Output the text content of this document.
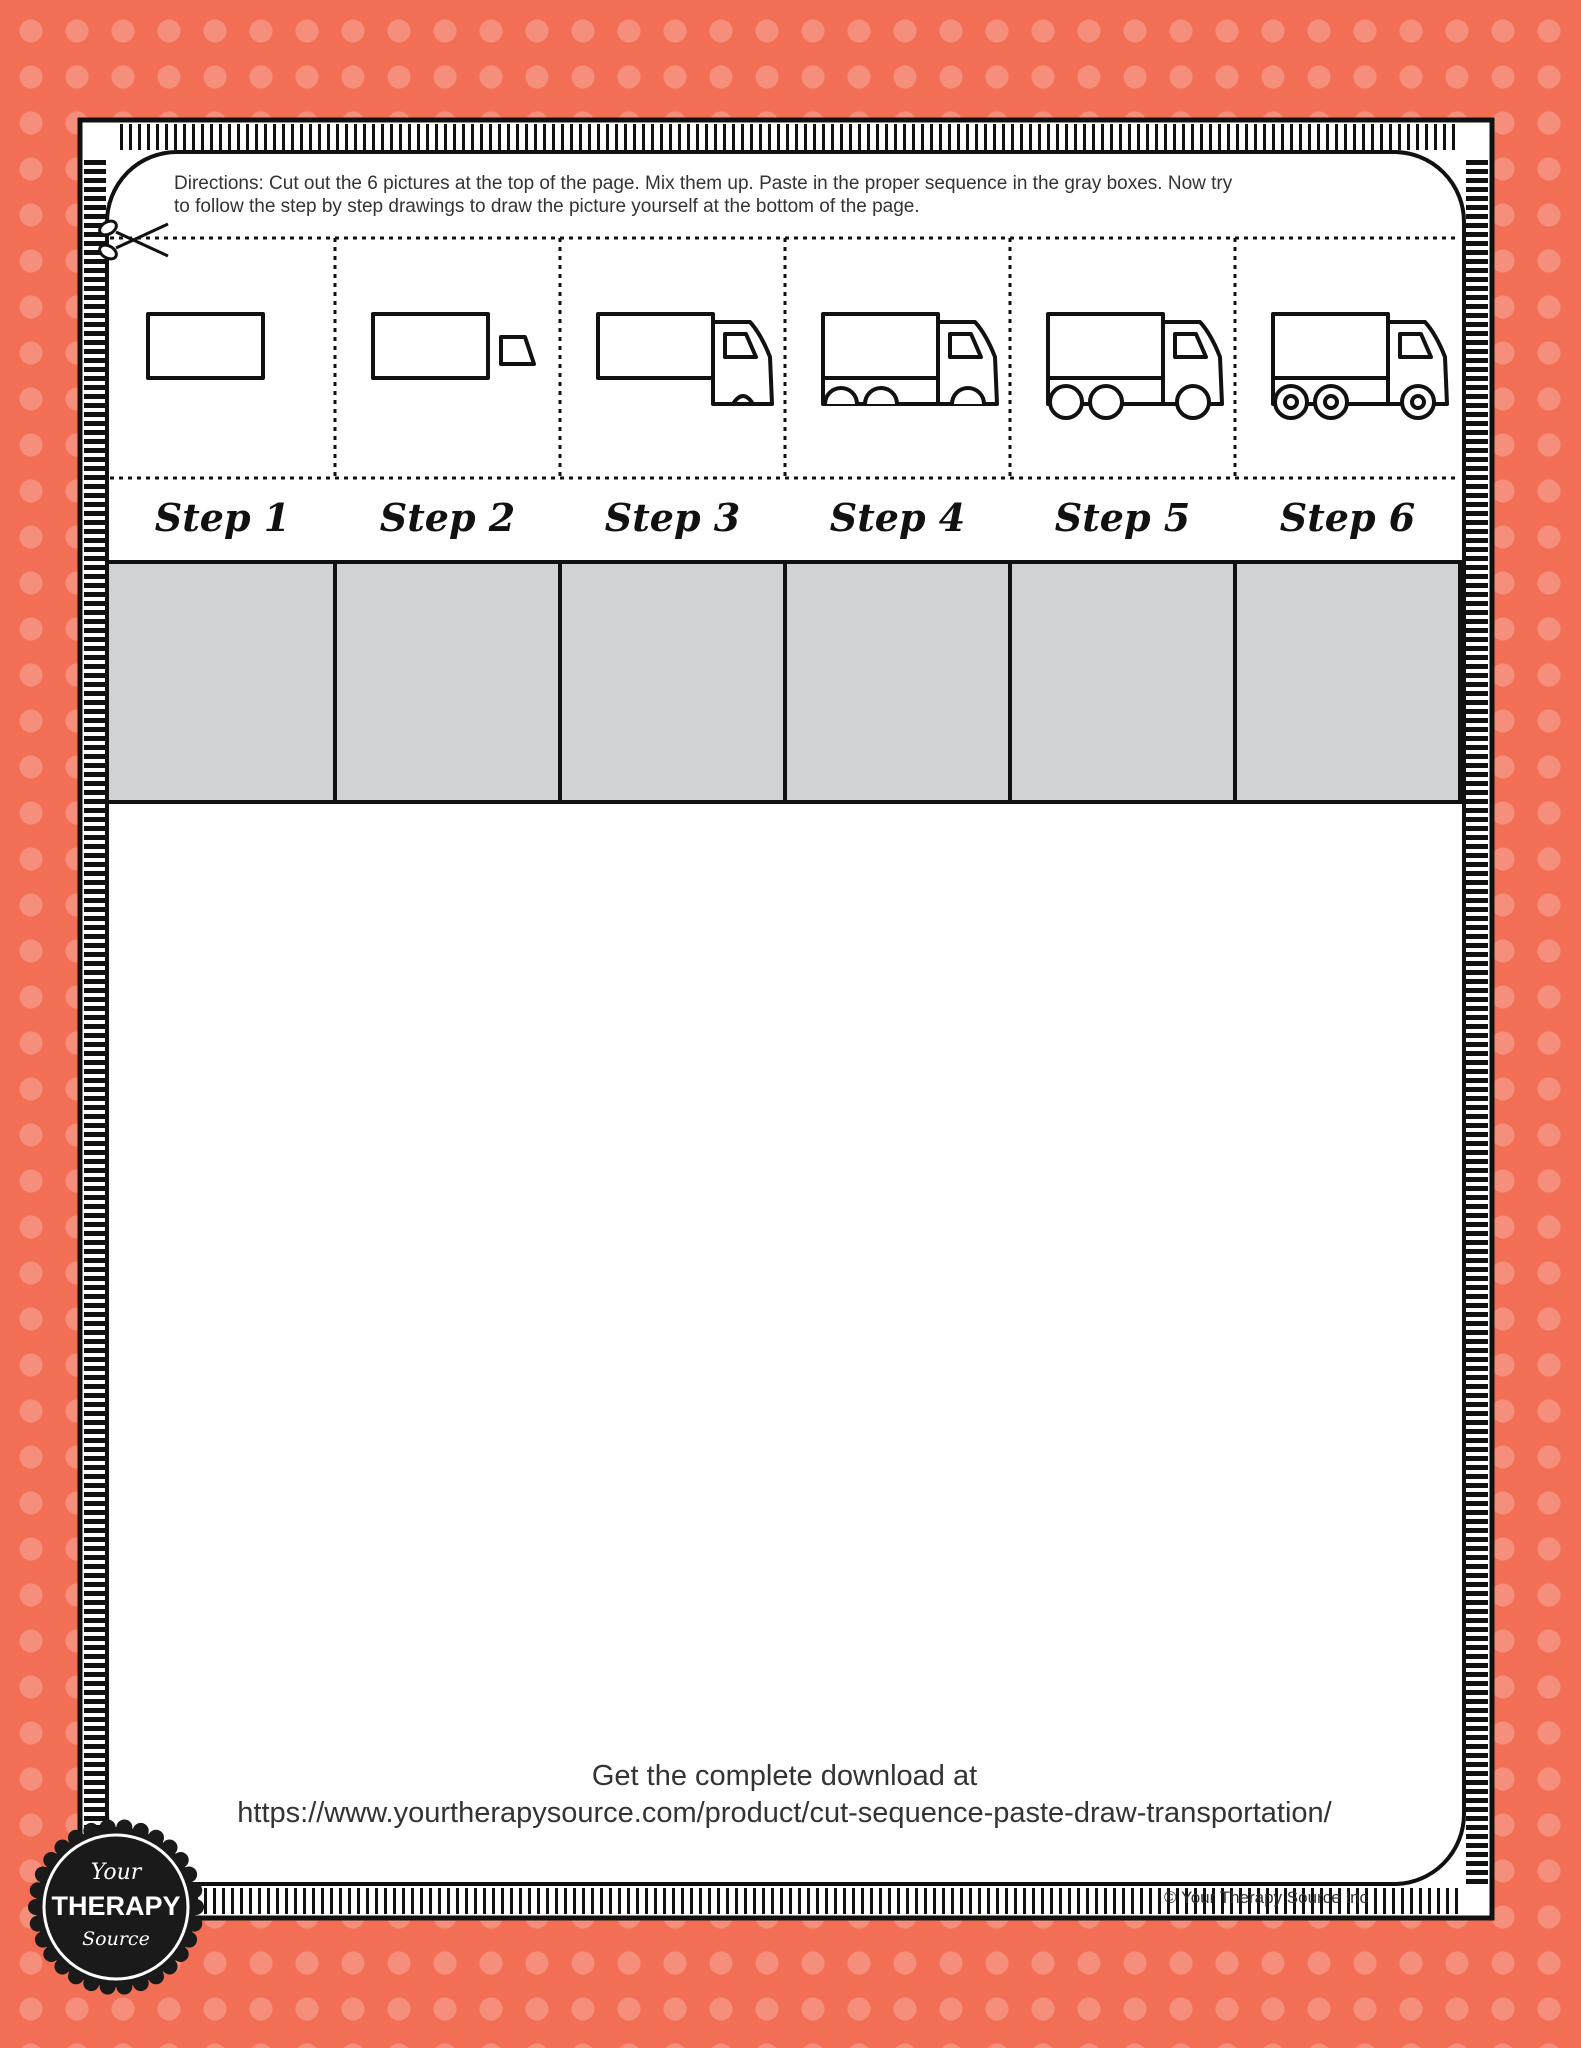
Directions: Cut out the 6 pictures at the top of the page. Mix them up. Paste in the proper sequence in the gray boxes. Now try
to follow the step by step drawings to draw the picture yourself at the bottom of the page.
Step 1	Step 2	Step 3	Step 4	Step 5	Step 6
Get the complete download at
https://www.yourtherapysource.com/product/cut-sequence-paste-draw-transportation/
© Your Therapy Source Inc
Your
THERAPY
Source
